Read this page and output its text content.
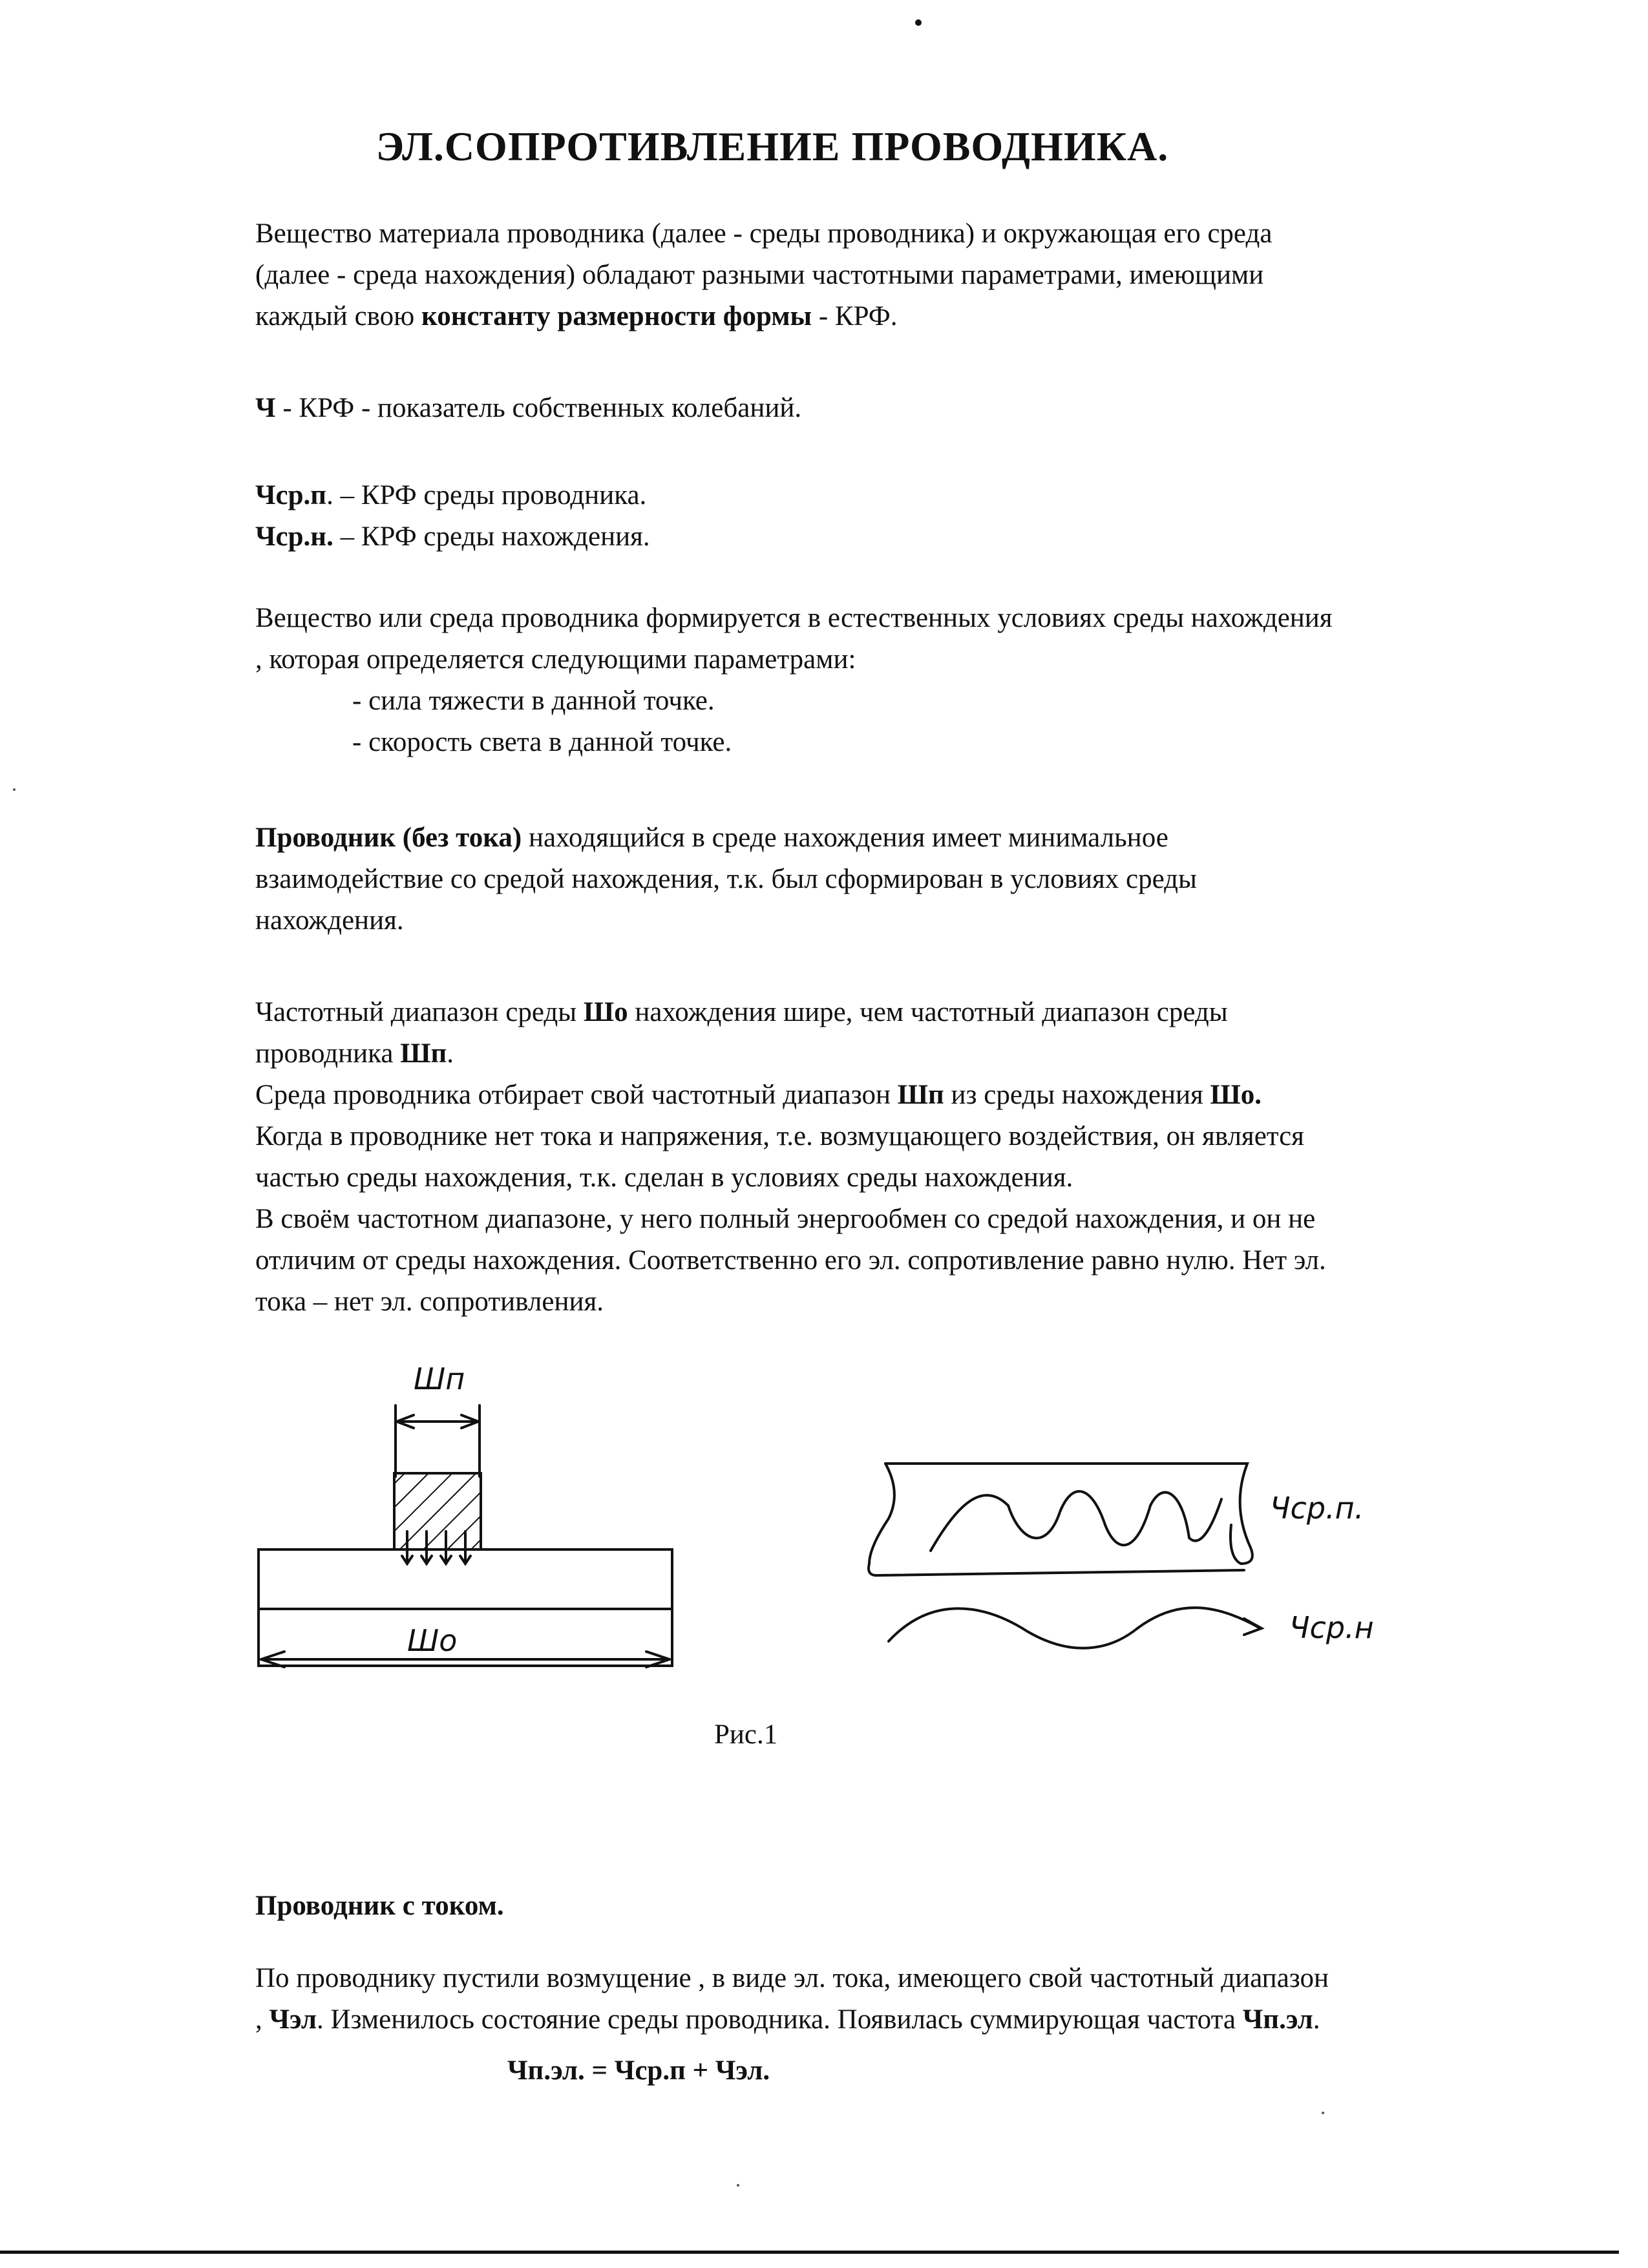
ЭЛ.СОПРОТИВЛЕНИЕ ПРОВОДНИКА.

Вещество материала проводника (далее - среды проводника) и окружающая его среда

(далее - среда нахождения) обладают разными частотными параметрами, имеющими

каждый свою константу размерности формы - КРФ.

Ч - КРФ - показатель собственных колебаний.

Чср.п. – КРФ среды проводника.

Чср.н. – КРФ среды нахождения.

Вещество или среда проводника формируется в естественных условиях среды нахождения

, которая определяется следующими параметрами:

- сила тяжести в данной точке.

- скорость света в данной точке.

Проводник (без тока) находящийся в среде нахождения имеет минимальное

взаимодействие со средой нахождения, т.к. был сформирован в условиях среды

нахождения.

Частотный диапазон среды Шо нахождения шире, чем частотный диапазон среды

проводника Шп.

Среда проводника отбирает свой частотный диапазон Шп из среды нахождения Шо.

Когда в проводнике нет тока и напряжения, т.е. возмущающего воздействия, он является

частью среды нахождения, т.к. сделан в условиях среды нахождения.

В своём частотном диапазоне, у него полный энергообмен со средой нахождения, и он не

отличим от среды нахождения. Соответственно его эл. сопротивление равно нулю. Нет эл.

тока – нет эл. сопротивления.

Шп
Шо
Чср.п.
Чср.н
Рис.1

Проводник с током.

По проводнику пустили возмущение , в виде эл. тока, имеющего свой частотный диапазон

, Чэл. Изменилось состояние среды проводника. Появилась суммирующая частота Чп.эл.

Чп.эл. = Чср.п + Чэл.
